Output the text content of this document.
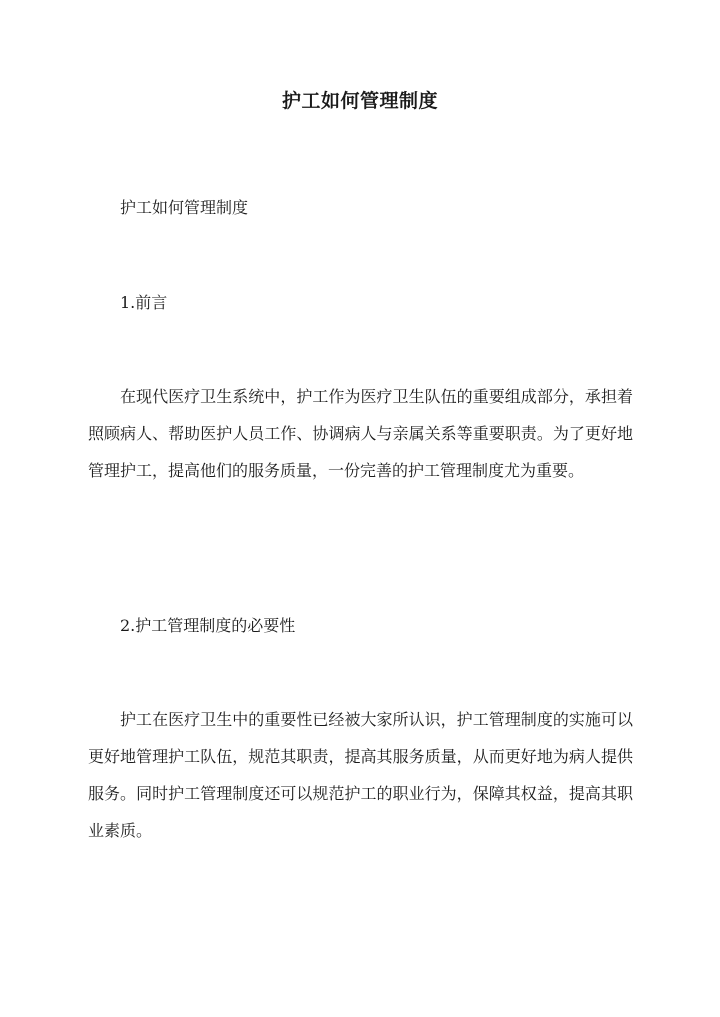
护工如何管理制度
护工如何管理制度
1.前言
在现代医疗卫生系统中，护工作为医疗卫生队伍的重要组成部分，承担着照顾病人、帮助医护人员工作、协调病人与亲属关系等重要职责。为了更好地管理护工，提高他们的服务质量，一份完善的护工管理制度尤为重要。
2.护工管理制度的必要性
护工在医疗卫生中的重要性已经被大家所认识，护工管理制度的实施可以更好地管理护工队伍，规范其职责，提高其服务质量，从而更好地为病人提供服务。同时护工管理制度还可以规范护工的职业行为，保障其权益，提高其职业素质。
